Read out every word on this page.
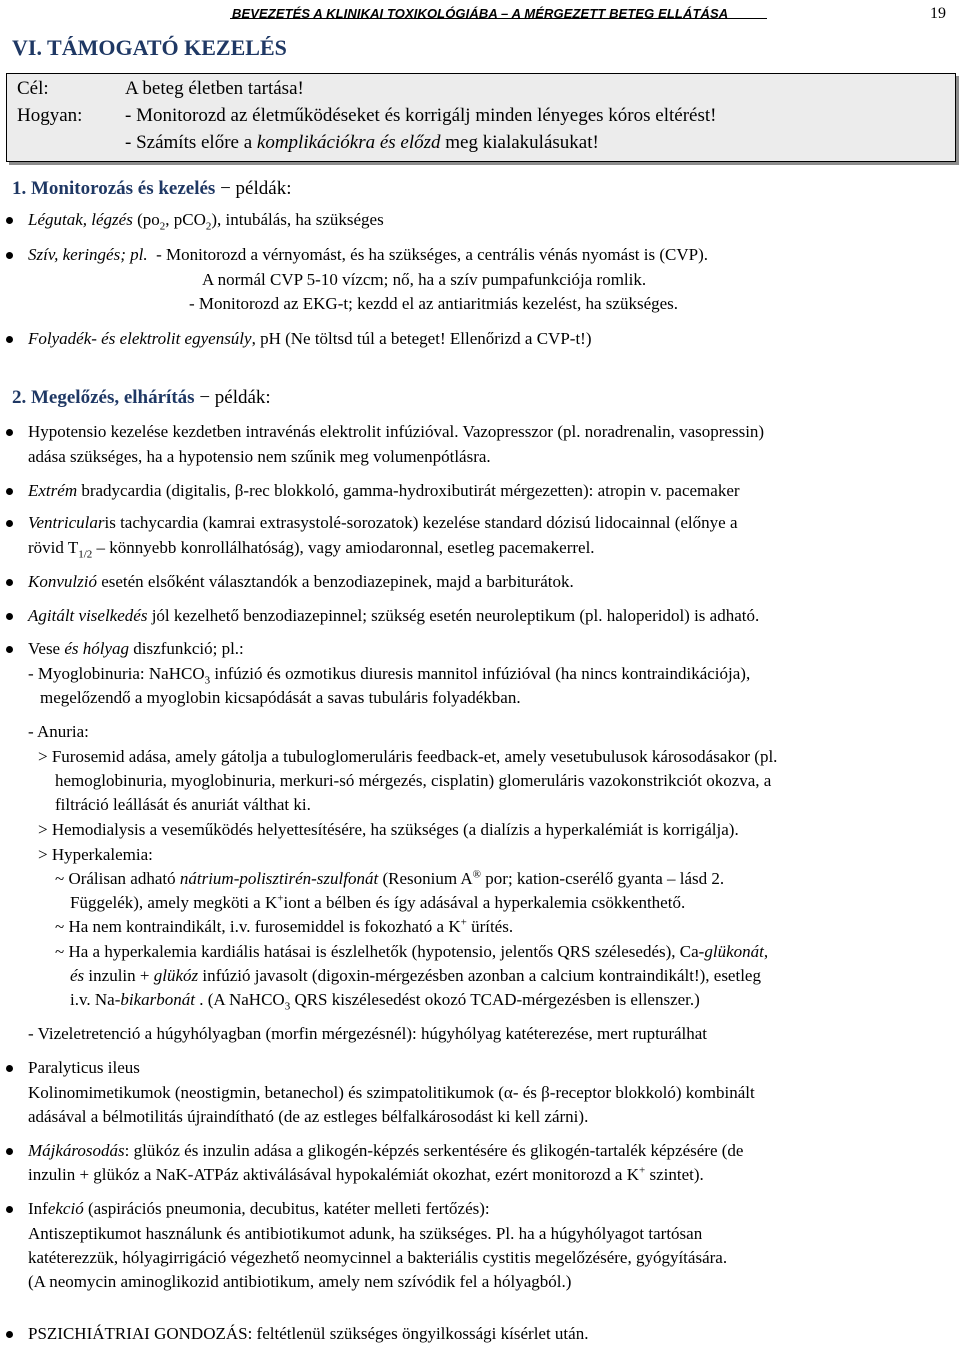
BEVEZETÉS A KLINIKAI TOXIKOLÓGIÁBA – A MÉRGEZETT BETEG ELLÁTÁSA	19
VI. TÁMOGATÓ KEZELÉS
Cél:	A beteg életben tartása!
Hogyan: - Monitorozd az életműködéseket és korrigálj minden lényeges kóros eltérést!
- Számíts előre a komplikációkra és előzd meg kialakulásukat!
1. Monitorozás és kezelés − példák:
Légutak, légzés ($po_2$, pCO$_2$), intubálás, ha szükséges
Szív, keringés; pl.  - Monitorozd a vérnyomást, és ha szükséges, a centrális vénás nyomást is (CVP).
A normál CVP 5-10 vízcm; nő, ha a szív pumpafunkciója romlik.
- Monitorozd az EKG-t; kezdd el az antiaritmiás kezelést, ha szükséges.
Folyadék- és elektrolit egyensúly, pH (Ne töltsd túl a beteget! Ellenőrizd a CVP-t!)
2. Megelőzés, elhárítás − példák:
Hypotensio kezelése kezdetben intravénás elektrolit infúzióval. Vazopresszor (pl. noradrenalin, vasopressin)
adása szükséges, ha a hypotensio nem szűnik meg volumenpótlásra.
Extrém bradycardia (digitalis, β-rec blokkoló, gamma-hydroxibutirát mérgezetten): atropin v. pacemaker
Ventricularis tachycardia (kamrai extrasystolé-sorozatok) kezelése standard dózisú lidocainnal (előnye a
rövid $T_{1/2}$ – könnyebb konrollálhatóság), vagy amiodaronnal, esetleg pacemakerrel.
Konvulzió esetén elsőként választandók a benzodiazepinek, majd a barbiturátok.
Agitált viselkedés jól kezelhető benzodiazepinnel; szükség esetén neuroleptikum (pl. haloperidol) is adható.
Vese és hólyag diszfunkció; pl.:
- Myoglobinuria: NaHCO$_3$ infúzió és ozmotikus diuresis mannitol infúzióval (ha nincs kontraindikációja),
megelőzendő a myoglobin kicsapódását a savas tubuláris folyadékban.
- Anuria:
> Furosemid adása, amely gátolja a tubuloglomeruláris feedback-et, amely vesetubulusok károsodásakor (pl.
hemoglobinuria, myoglobinuria, merkuri-só mérgezés, cisplatin) glomeruláris vazokonstrikciót okozva, a
filtráció leállását és anuriát válthat ki.
> Hemodialysis a veseműködés helyettesítésére, ha szükséges (a dialízis a hyperkalémiát is korrigálja).
> Hyperkalemia:
~ Orálisan adható nátrium-polisztirén-szulfonát (Resonium A® por; kation-cserélő gyanta – lásd 2.
Függelék), amely megköti a K+iont a bélben és így adásával a hyperkalemia csökkenthető.
~ Ha nem kontraindikált, i.v. furosemiddel is fokozható a K+ ürítés.
~ Ha a hyperkalemia kardiális hatásai is észlelhetők (hypotensio, jelentős QRS szélesedés), Ca-glükonát,
és inzulin + glükóz infúzió javasolt (digoxin-mérgezésben azonban a calcium kontraindikált!), esetleg
i.v. Na-bikarbonát . (A NaHCO$_3$ QRS kiszélesedést okozó TCAD-mérgezésben is ellenszer.)
- Vizeletretenció a húgyhólyagban (morfin mérgezésnél): húgyhólyag katéterezése, mert rupturálhat
Paralyticus ileus
Kolinomimetikumok (neostigmin, betanechol) és szimpatolitikumok (α- és β-receptor blokkoló) kombinált
adásával a bélmotilitás újraindítható (de az estleges bélfalkárosodást ki kell zárni).
Májkárosodás: glükóz és inzulin adása a glikogén-képzés serkentésére és glikogén-tartalék képzésére (de
inzulin + glükóz a NaK-ATPáz aktiválásával hypokalémiát okozhat, ezért monitorozd a K+ szintet).
Infekció (aspirációs pneumonia, decubitus, katéter melleti fertőzés):
Antiszeptikumot használunk és antibiotikumot adunk, ha szükséges. Pl. ha a húgyhólyagot tartósan
katéterezzük, hólyagirrigáció végezhető neomycinnel a bakteriális cystitis megelőzésére, gyógyítására.
(A neomycin aminoglikozid antibiotikum, amely nem szívódik fel a hólyagból.)
PSZICHIÁTRIAI GONDOZÁS: feltétlenül szükséges öngyilkossági kísérlet után.
